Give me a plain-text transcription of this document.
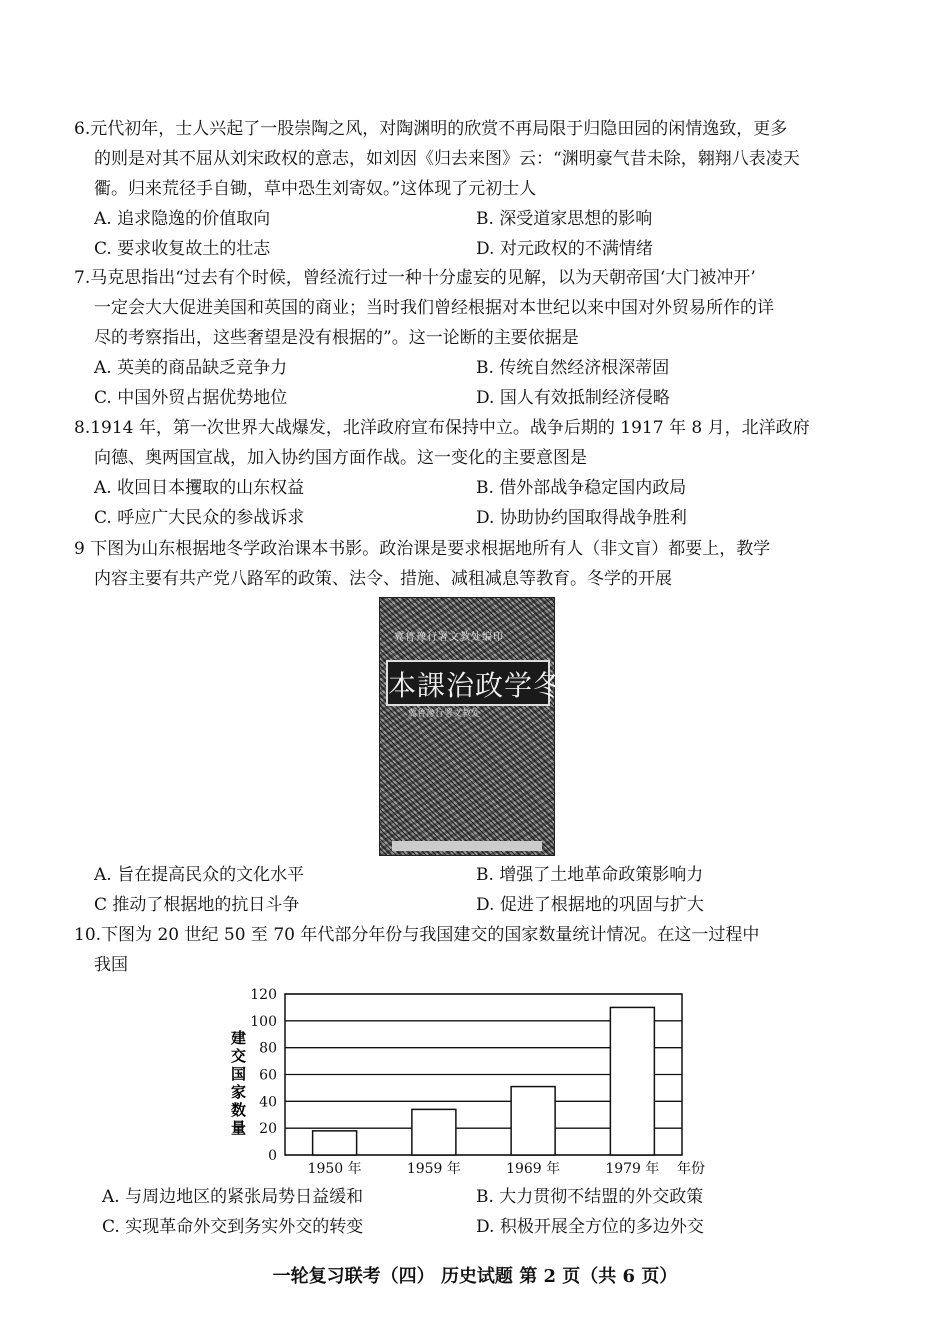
6.元代初年，士人兴起了一股崇陶之风，对陶渊明的欣赏不再局限于归隐田园的闲情逸致，更多
的则是对其不屈从刘宋政权的意志，如刘因《归去来图》云：“渊明豪气昔未除，翱翔八表凌天
衢。归来荒径手自锄，草中恐生刘寄奴。”这体现了元初士人
A. 追求隐逸的价值取向	B. 深受道家思想的影响
C. 要求收复故土的壮志	D. 对元政权的不满情绪
7.马克思指出“过去有个时候，曾经流行过一种十分虚妄的见解，以为天朝帝国‘大门被冲开’
一定会大大促进美国和英国的商业；当时我们曾经根据对本世纪以来中国对外贸易所作的详
尽的考察指出，这些奢望是没有根据的”。这一论断的主要依据是
A. 英美的商品缺乏竞争力	B. 传统自然经济根深蒂固
C. 中国外贸占据优势地位	D. 国人有效抵制经济侵略
8.1914 年，第一次世界大战爆发，北洋政府宣布保持中立。战争后期的 1917 年 8 月，北洋政府
向德、奥两国宣战，加入协约国方面作战。这一变化的主要意图是
A. 收回日本攫取的山东权益	B. 借外部战争稳定国内政局
C. 呼应广大民众的参战诉求	D. 协助协约国取得战争胜利
9 下图为山东根据地冬学政治课本书影。政治课是要求根据地所有人（非文盲）都要上，教学
内容主要有共产党八路军的政策、法令、措施、减租减息等教育。冬学的开展
冀鲁豫行署文教处编印
本課治政学冬
冀鲁豫行署文教处
A. 旨在提高民众的文化水平	B. 增强了土地革命政策影响力
C 推动了根据地的抗日斗争	D. 促进了根据地的巩固与扩大
10.下图为 20 世纪 50 至 70 年代部分年份与我国建交的国家数量统计情况。在这一过程中
我国
0
20
40
60
80
100
120
1950 年	1959 年	1969 年	1979 年
建交国家数量
年份
A. 与周边地区的紧张局势日益缓和	B. 大力贯彻不结盟的外交政策
C. 实现革命外交到务实外交的转变	D. 积极开展全方位的多边外交
一轮复习联考（四） 历史试题 第 2 页（共 6 页）
